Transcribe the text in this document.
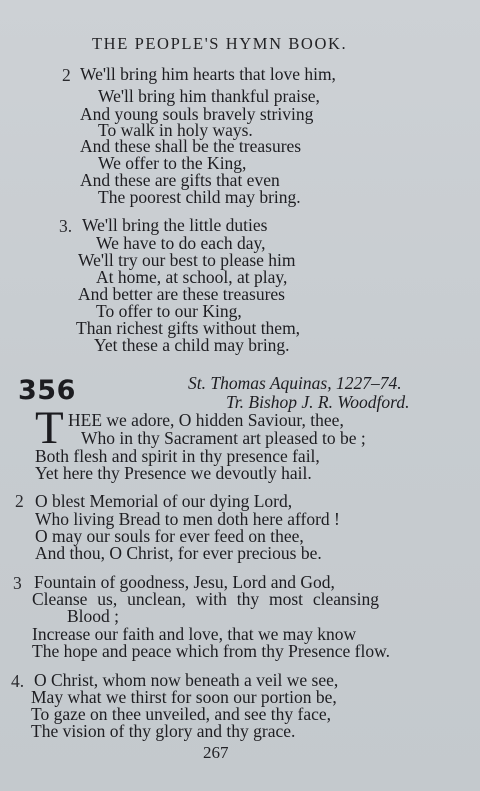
THE PEOPLE'S HYMN BOOK.
2 We'll bring him hearts that love him,
We'll bring him thankful praise,
And young souls bravely striving
To walk in holy ways.
And these shall be the treasures
We offer to the King,
And these are gifts that even
The poorest child may bring.
3. We'll bring the little duties
We have to do each day,
We'll try our best to please him
At home, at school, at play,
And better are these treasures
To offer to our King,
Than richest gifts without them,
Yet these a child may bring.
356	St. Thomas Aquinas, 1227–74.
Tr. Bishop J. R. Woodford.
T HEE we adore, O hidden Saviour, thee,
Who in thy Sacrament art pleased to be ;
Both flesh and spirit in thy presence fail,
Yet here thy Presence we devoutly hail.
2 O blest Memorial of our dying Lord,
Who living Bread to men doth here afford !
O may our souls for ever feed on thee,
And thou, O Christ, for ever precious be.
3 Fountain of goodness, Jesu, Lord and God,
Cleanse us, unclean, with thy most cleansing
Blood ;
Increase our faith and love, that we may know
The hope and peace which from thy Presence flow.
4. O Christ, whom now beneath a veil we see,
May what we thirst for soon our portion be,
To gaze on thee unveiled, and see thy face,
The vision of thy glory and thy grace.
267
